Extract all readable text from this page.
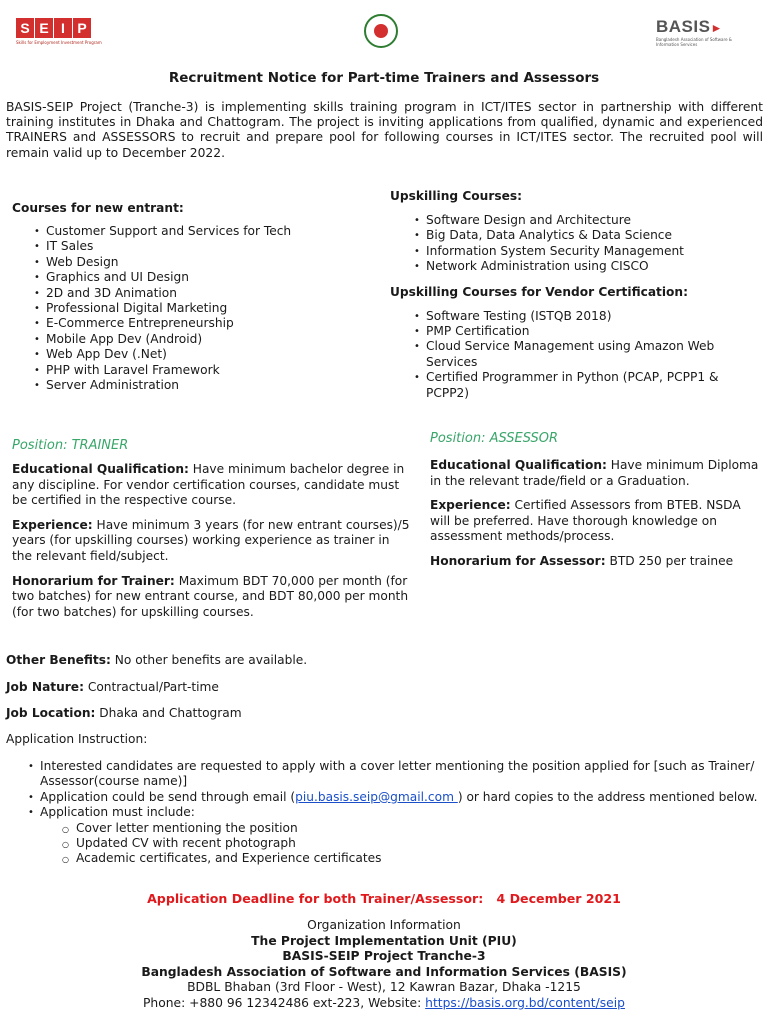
S E I P
Skills for Employment Investment Program
BASIS►
Bangladesh Association of Software & Information Services
Recruitment Notice for Part-time Trainers and Assessors
BASIS-SEIP Project (Tranche-3) is implementing skills training program in ICT/ITES sector in partnership with different training institutes in Dhaka and Chattogram. The project is inviting applications from qualified, dynamic and experienced TRAINERS and ASSESSORS to recruit and prepare pool for following courses in ICT/ITES sector. The recruited pool will remain valid up to December 2022.
Courses for new entrant:
• Customer Support and Services for Tech
• IT Sales
• Web Design
• Graphics and UI Design
• 2D and 3D Animation
• Professional Digital Marketing
• E-Commerce Entrepreneurship
• Mobile App Dev (Android)
• Web App Dev (.Net)
• PHP with Laravel Framework
• Server Administration
Upskilling Courses:
• Software Design and Architecture
• Big Data, Data Analytics & Data Science
• Information System Security Management
• Network Administration using CISCO
Upskilling Courses for Vendor Certification:
• Software Testing (ISTQB 2018)
• PMP Certification
• Cloud Service Management using Amazon Web Services
• Certified Programmer in Python (PCAP, PCPP1 & PCPP2)
Position: TRAINER
Educational Qualification: Have minimum bachelor degree in any discipline. For vendor certification courses, candidate must be certified in the respective course.
Experience: Have minimum 3 years (for new entrant courses)/5 years (for upskilling courses) working experience as trainer in the relevant field/subject.
Honorarium for Trainer: Maximum BDT 70,000 per month (for two batches) for new entrant course, and BDT 80,000 per month (for two batches) for upskilling courses.
Position: ASSESSOR
Educational Qualification: Have minimum Diploma in the relevant trade/field or a Graduation.
Experience: Certified Assessors from BTEB. NSDA will be preferred. Have thorough knowledge on assessment methods/process.
Honorarium for Assessor: BTD 250 per trainee
Other Benefits: No other benefits are available.
Job Nature: Contractual/Part-time
Job Location: Dhaka and Chattogram
Application Instruction:
• Interested candidates are requested to apply with a cover letter mentioning the position applied for [such as Trainer/ Assessor(course name)]
• Application could be send through email (piu.basis.seip@gmail.com ) or hard copies to the address mentioned below.
• Application must include:
○ Cover letter mentioning the position
○ Updated CV with recent photograph
○ Academic certificates, and Experience certificates
Application Deadline for both Trainer/Assessor:   4 December 2021
Organization Information
The Project Implementation Unit (PIU)
BASIS-SEIP Project Tranche-3
Bangladesh Association of Software and Information Services (BASIS)
BDBL Bhaban (3rd Floor - West), 12 Kawran Bazar, Dhaka -1215
Phone: +880 96 12342486 ext-223, Website: https://basis.org.bd/content/seip
